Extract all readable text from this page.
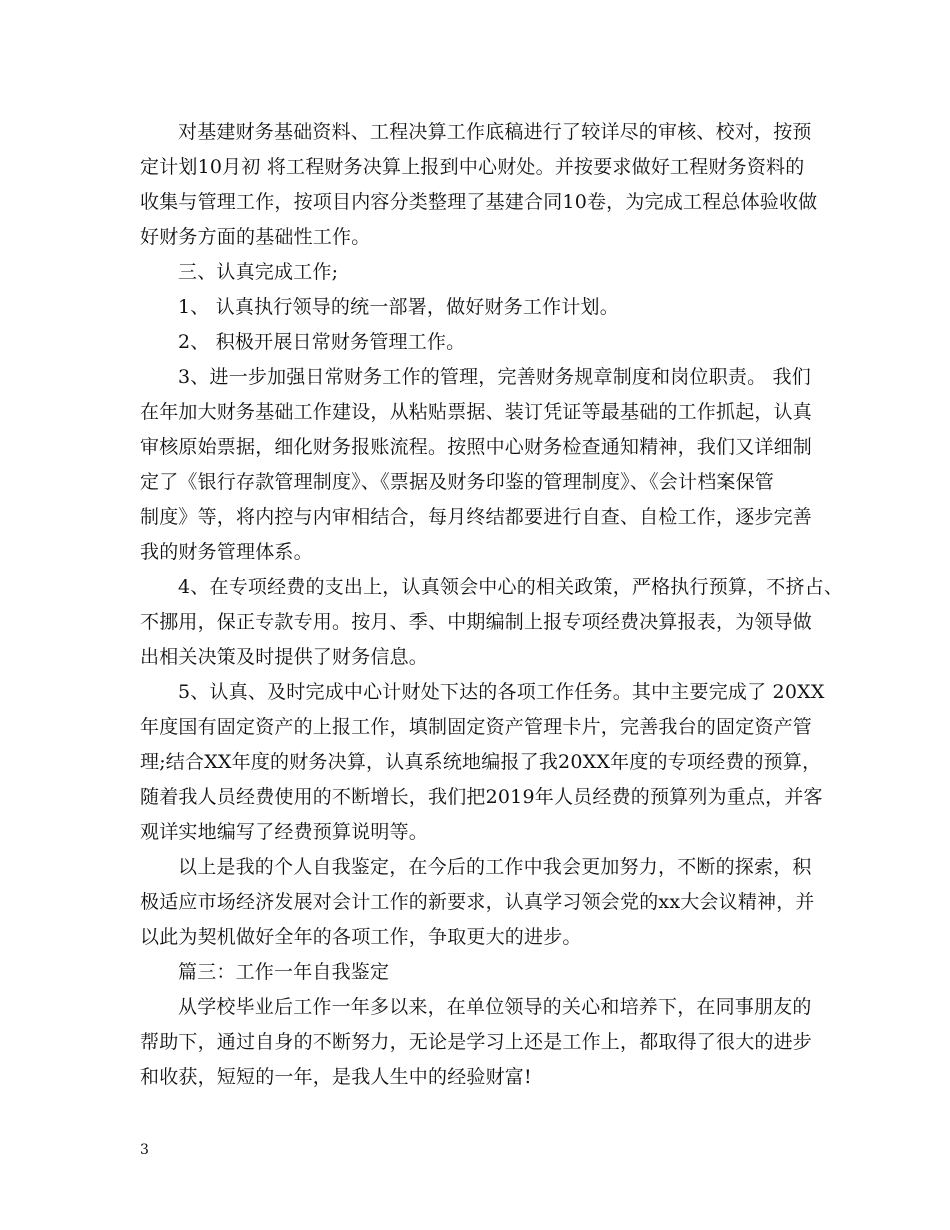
对基建财务基础资料、工程决算工作底稿进行了较详尽的审核、校对，按预
定计划10月初 将工程财务决算上报到中心财处。并按要求做好工程财务资料的
收集与管理工作，按项目内容分类整理了基建合同10卷，为完成工程总体验收做
好财务方面的基础性工作。
三、认真完成工作;
1、 认真执行领导的统一部署，做好财务工作计划。
2、 积极开展日常财务管理工作。
3、进一步加强日常财务工作的管理，完善财务规章制度和岗位职责。 我们
在年加大财务基础工作建设，从粘贴票据、装订凭证等最基础的工作抓起，认真
审核原始票据，细化财务报账流程。按照中心财务检查通知精神，我们又详细制
定了《银行存款管理制度》、《票据及财务印鉴的管理制度》、《会计档案保管
制度》等，将内控与内审相结合，每月终结都要进行自查、自检工作，逐步完善
我的财务管理体系。
4、在专项经费的支出上，认真领会中心的相关政策，严格执行预算，不挤占、
不挪用，保正专款专用。按月、季、中期编制上报专项经费决算报表，为领导做
出相关决策及时提供了财务信息。
5、认真、及时完成中心计财处下达的各项工作任务。其中主要完成了 20XX
年度国有固定资产的上报工作，填制固定资产管理卡片，完善我台的固定资产管
理;结合XX年度的财务决算，认真系统地编报了我20XX年度的专项经费的预算，
随着我人员经费使用的不断增长，我们把2019年人员经费的预算列为重点，并客
观详实地编写了经费预算说明等。
以上是我的个人自我鉴定，在今后的工作中我会更加努力，不断的探索，积
极适应市场经济发展对会计工作的新要求，认真学习领会党的xx大会议精神，并
以此为契机做好全年的各项工作，争取更大的进步。
篇三：工作一年自我鉴定
从学校毕业后工作一年多以来，在单位领导的关心和培养下，在同事朋友的
帮助下，通过自身的不断努力，无论是学习上还是工作上，都取得了很大的进步
和收获，短短的一年，是我人生中的经验财富!
3
